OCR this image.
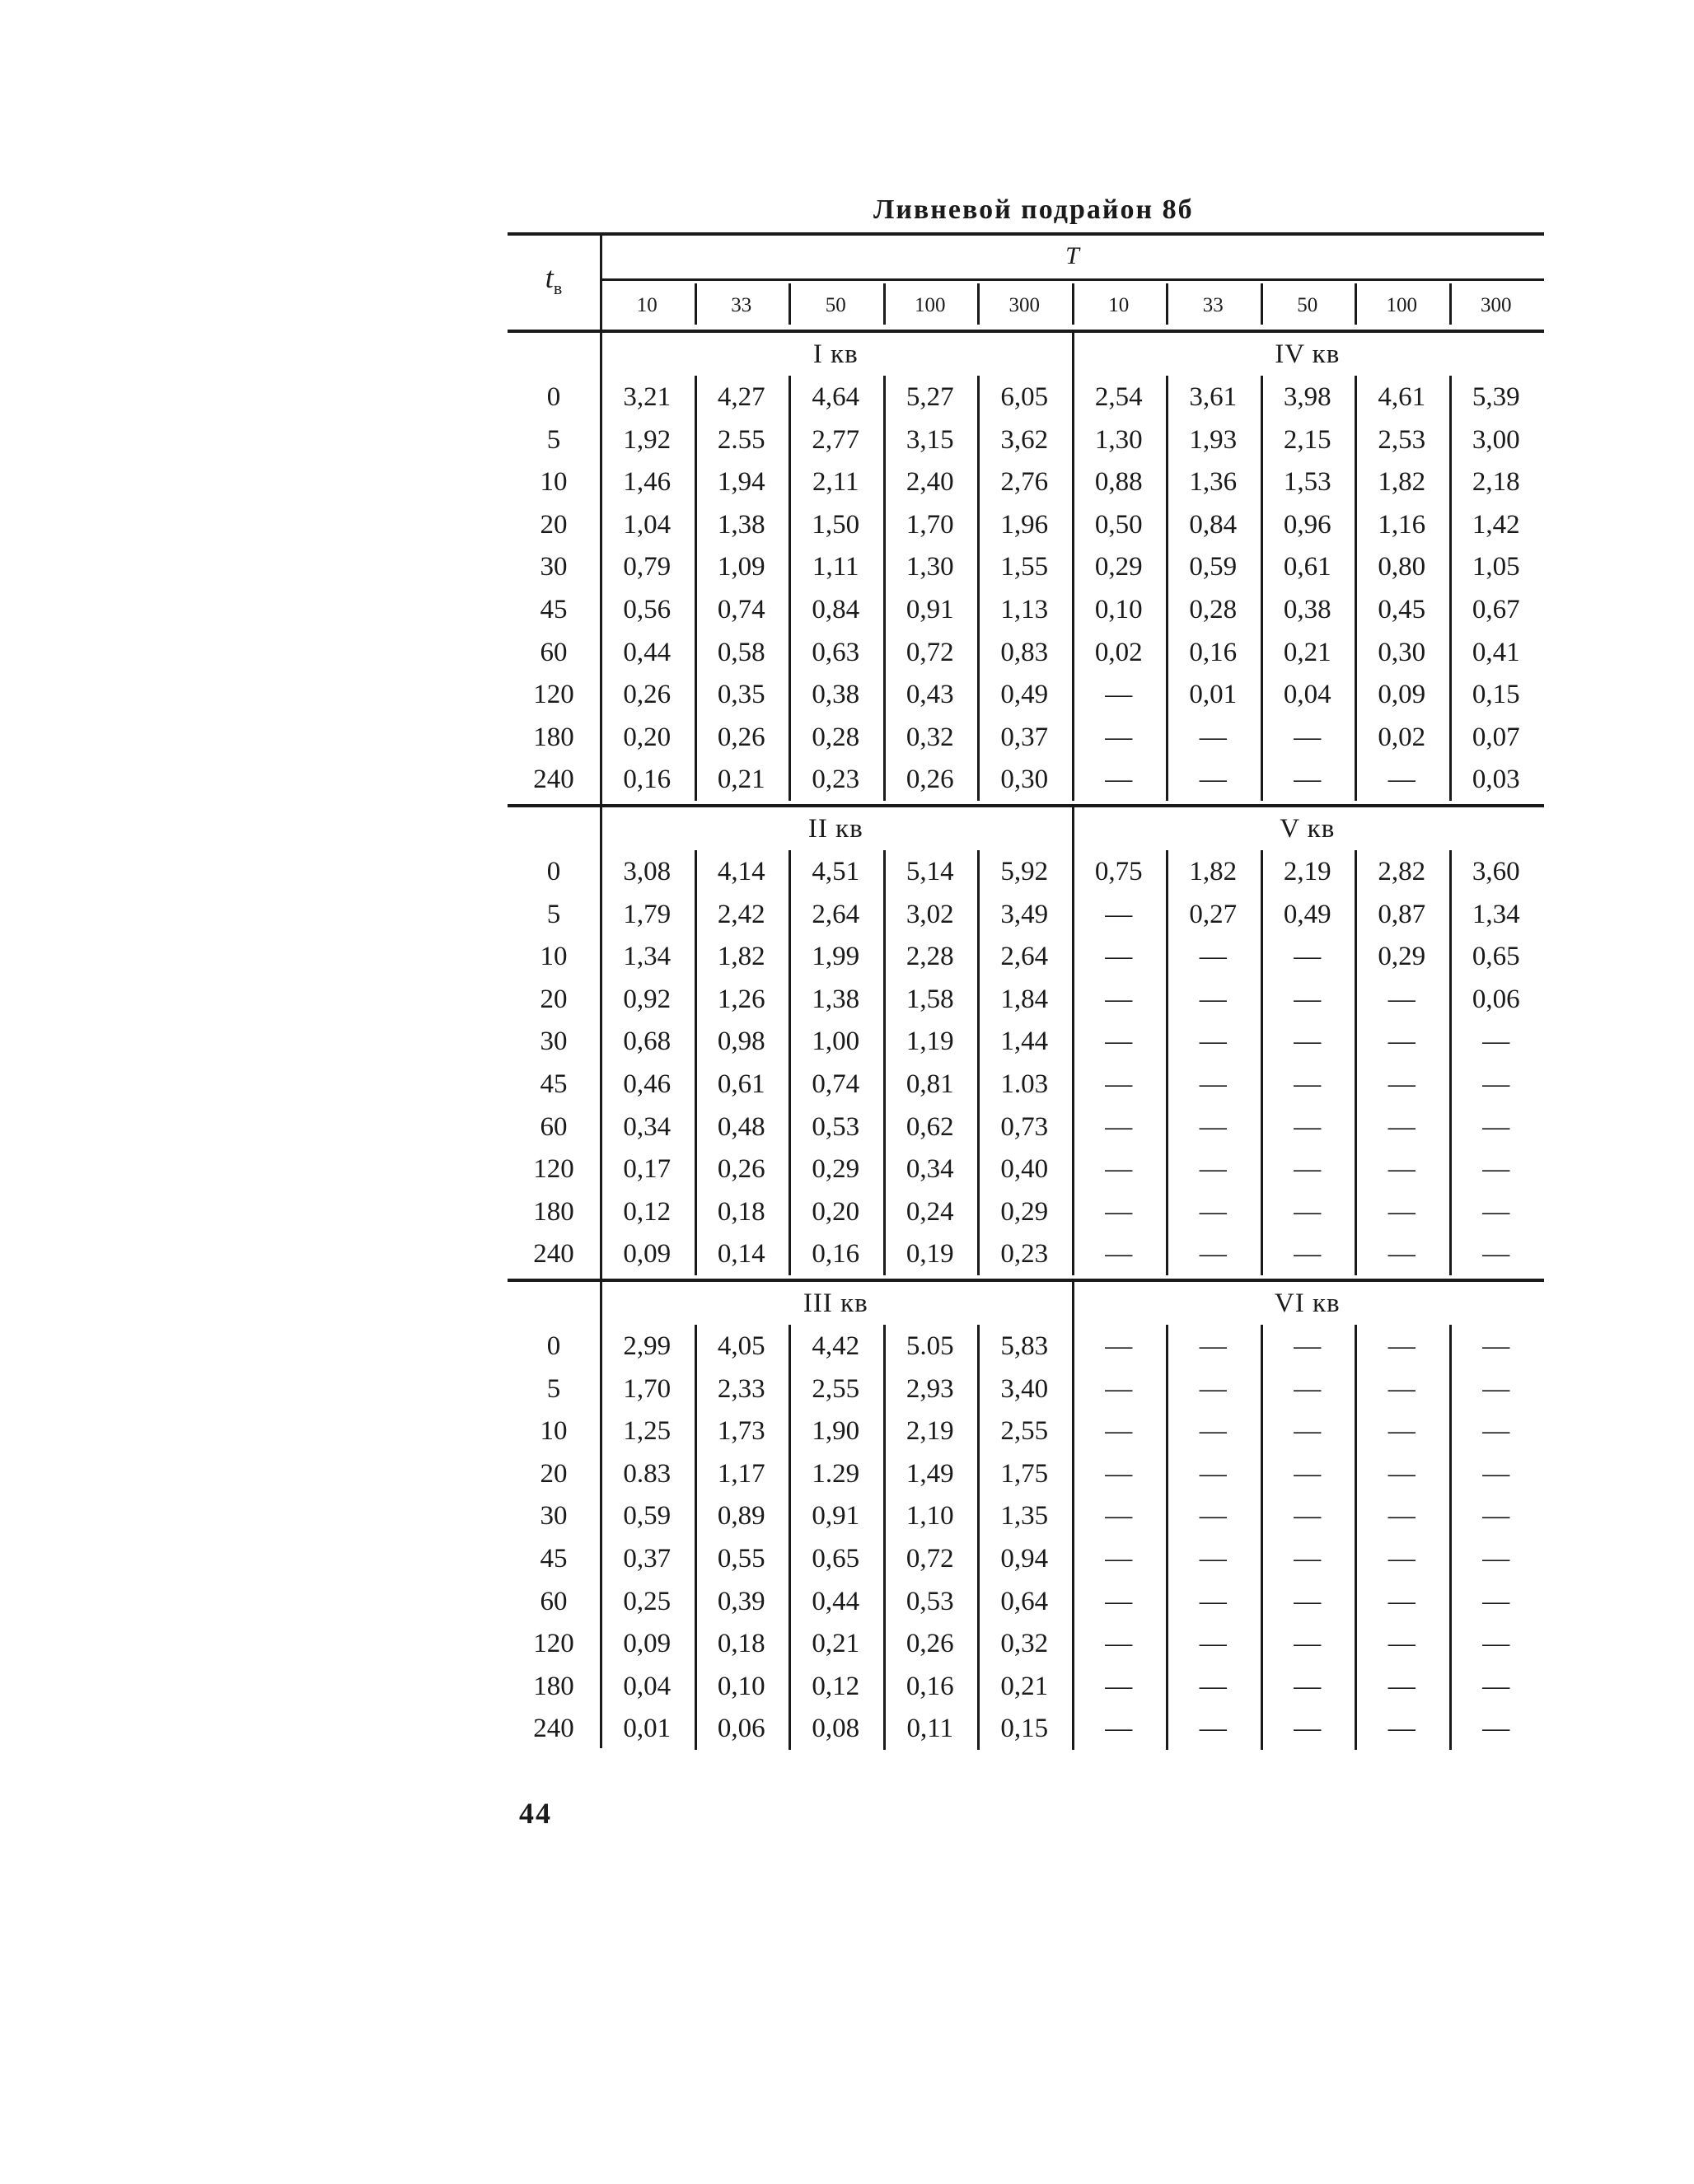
Ливневой подрайон 8б
$t_в$
T
10	33	50	100	300	10	33	50	100	300
I кв	IV кв
0	3,21	4,27	4,64	5,27	6,05	2,54	3,61	3,98	4,61	5,39
5	1,92	2.55	2,77	3,15	3,62	1,30	1,93	2,15	2,53	3,00
10	1,46	1,94	2,11	2,40	2,76	0,88	1,36	1,53	1,82	2,18
20	1,04	1,38	1,50	1,70	1,96	0,50	0,84	0,96	1,16	1,42
30	0,79	1,09	1,11	1,30	1,55	0,29	0,59	0,61	0,80	1,05
45	0,56	0,74	0,84	0,91	1,13	0,10	0,28	0,38	0,45	0,67
60	0,44	0,58	0,63	0,72	0,83	0,02	0,16	0,21	0,30	0,41
120	0,26	0,35	0,38	0,43	0,49	—	0,01	0,04	0,09	0,15
180	0,20	0,26	0,28	0,32	0,37	—	—	—	0,02	0,07
240	0,16	0,21	0,23	0,26	0,30	—	—	—	—	0,03
II кв	V кв
0	3,08	4,14	4,51	5,14	5,92	0,75	1,82	2,19	2,82	3,60
5	1,79	2,42	2,64	3,02	3,49	—	0,27	0,49	0,87	1,34
10	1,34	1,82	1,99	2,28	2,64	—	—	—	0,29	0,65
20	0,92	1,26	1,38	1,58	1,84	—	—	—	—	0,06
30	0,68	0,98	1,00	1,19	1,44	—	—	—	—	—
45	0,46	0,61	0,74	0,81	1.03	—	—	—	—	—
60	0,34	0,48	0,53	0,62	0,73	—	—	—	—	—
120	0,17	0,26	0,29	0,34	0,40	—	—	—	—	—
180	0,12	0,18	0,20	0,24	0,29	—	—	—	—	—
240	0,09	0,14	0,16	0,19	0,23	—	—	—	—	—
III кв	VI кв
0	2,99	4,05	4,42	5.05	5,83	—	—	—	—	—
5	1,70	2,33	2,55	2,93	3,40	—	—	—	—	—
10	1,25	1,73	1,90	2,19	2,55	—	—	—	—	—
20	0.83	1,17	1.29	1,49	1,75	—	—	—	—	—
30	0,59	0,89	0,91	1,10	1,35	—	—	—	—	—
45	0,37	0,55	0,65	0,72	0,94	—	—	—	—	—
60	0,25	0,39	0,44	0,53	0,64	—	—	—	—	—
120	0,09	0,18	0,21	0,26	0,32	—	—	—	—	—
180	0,04	0,10	0,12	0,16	0,21	—	—	—	—	—
240	0,01	0,06	0,08	0,11	0,15	—	—	—	—	—
44
